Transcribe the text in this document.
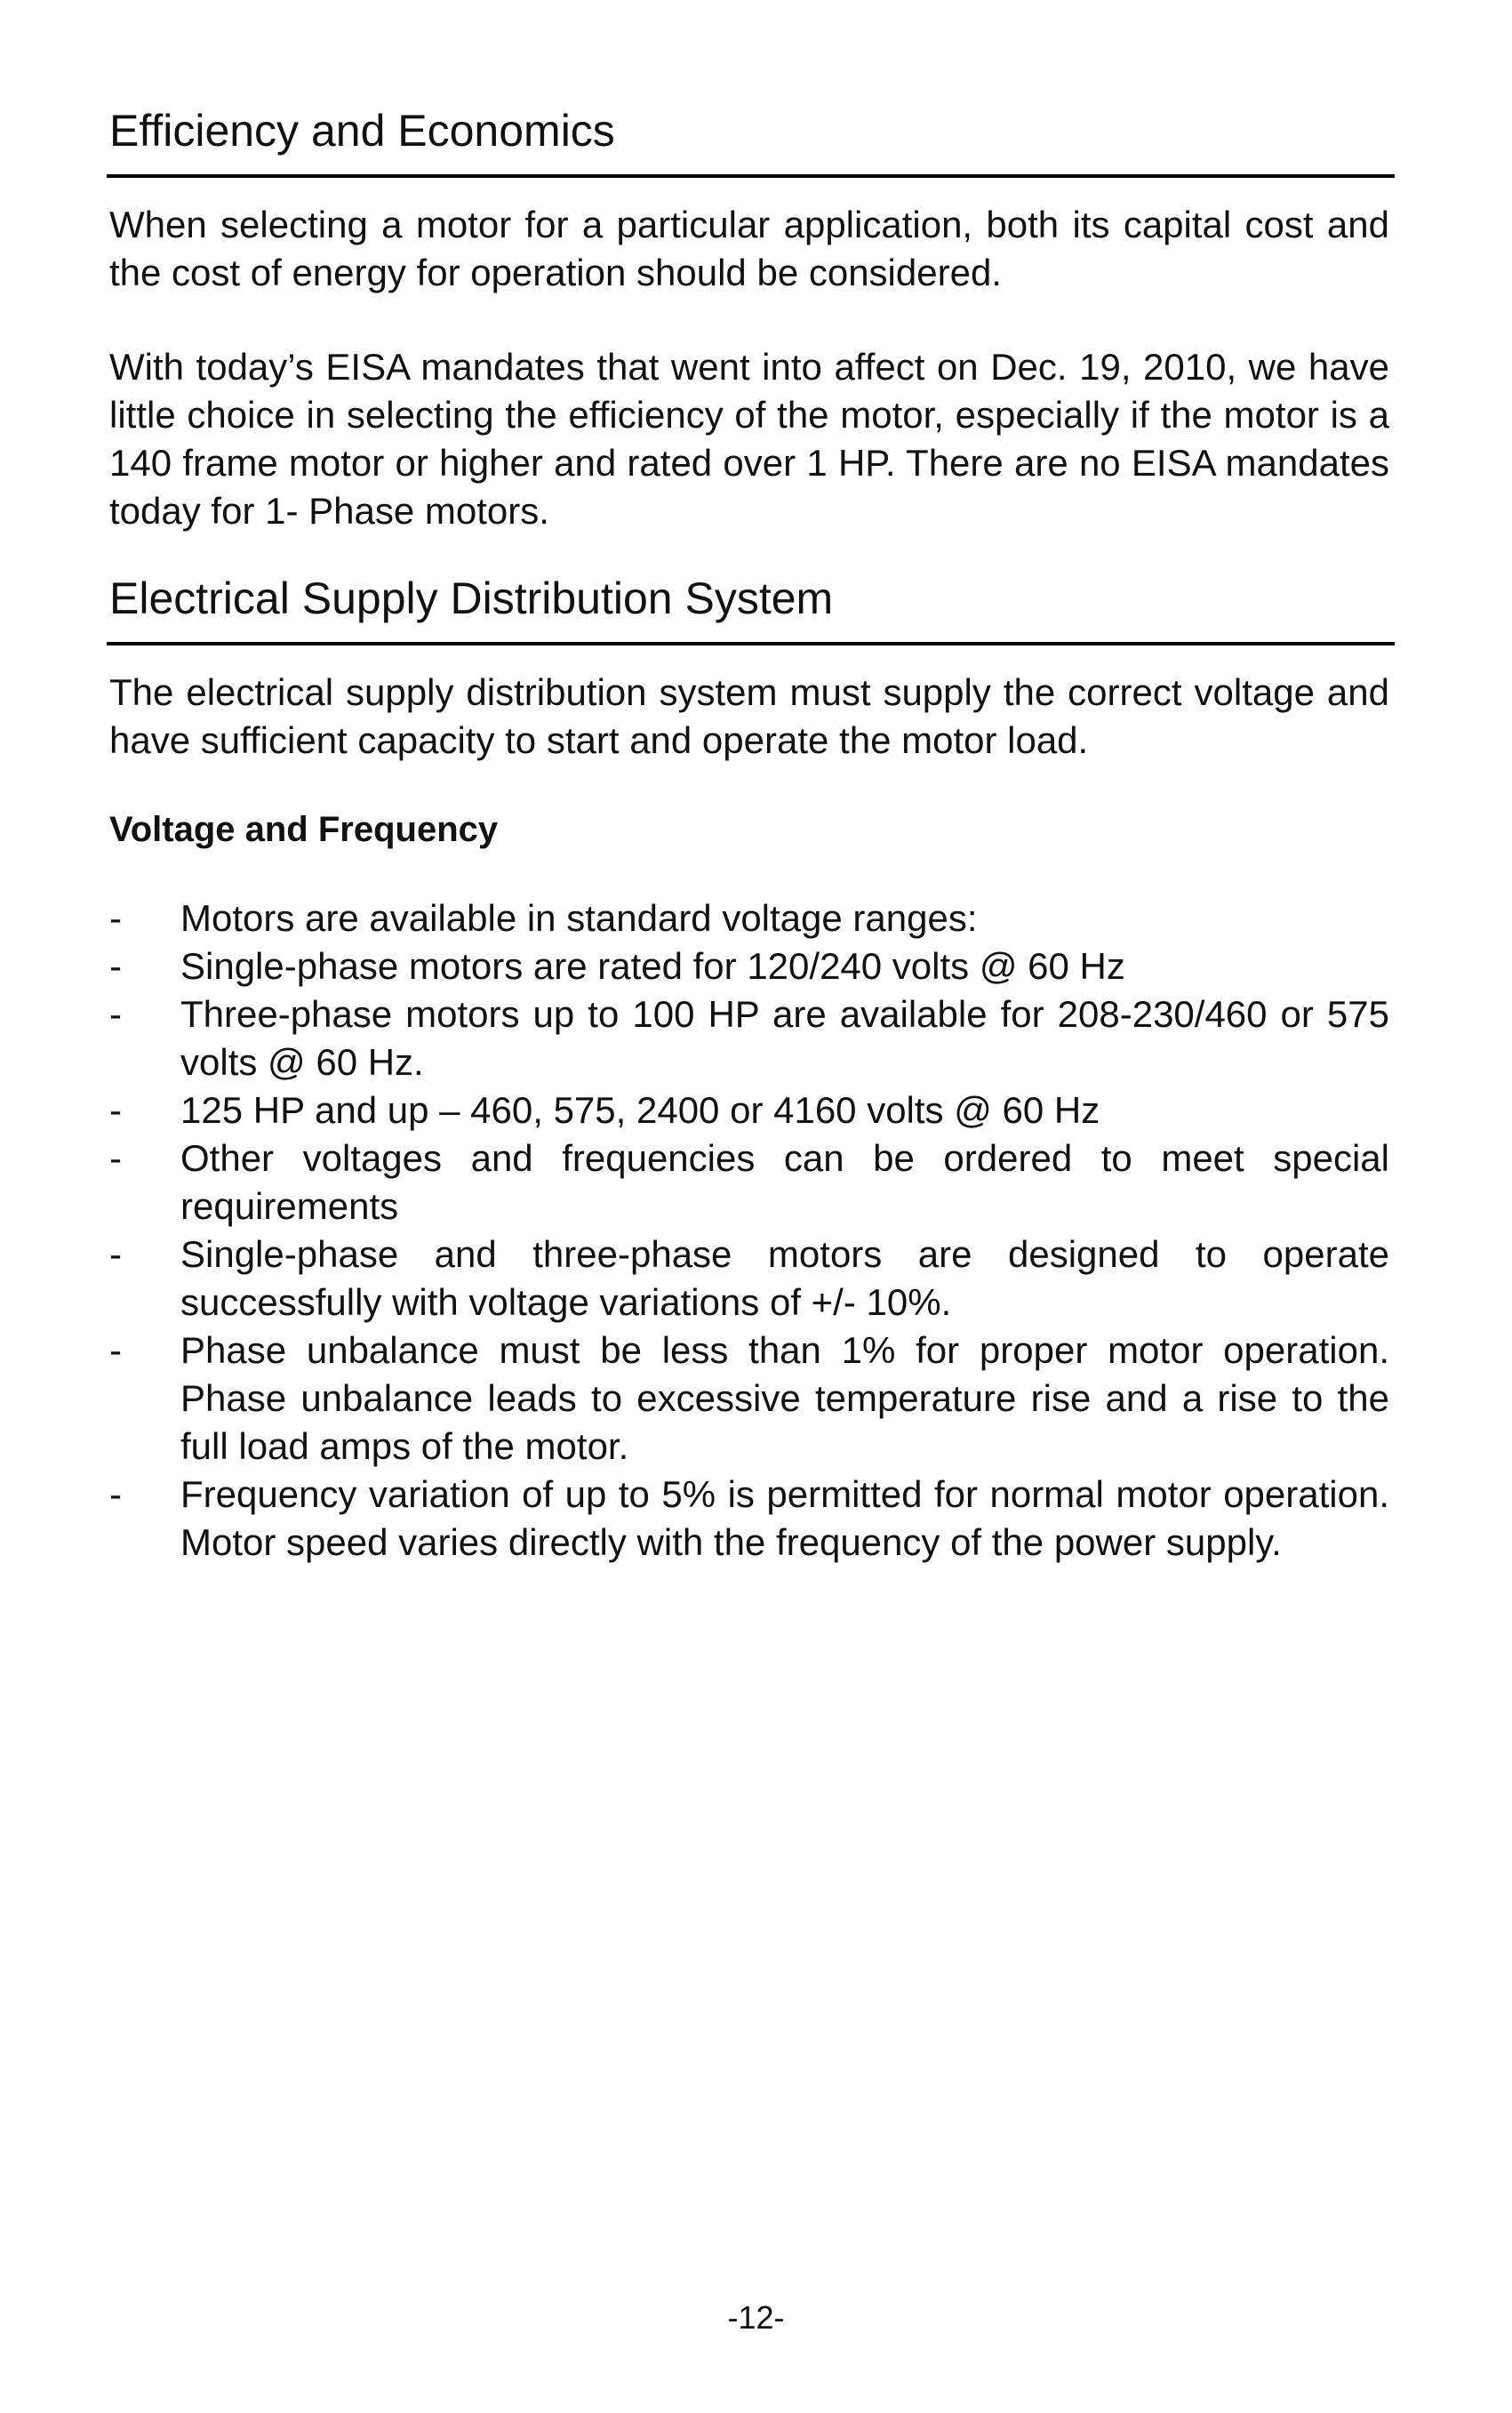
Efficiency and Economics

When selecting a motor for a particular application, both its capital cost and the cost of energy for operation should be considered.

With today’s EISA mandates that went into affect on Dec. 19, 2010, we have little choice in selecting the efficiency of the motor, especially if the motor is a 140 frame motor or higher and rated over 1 HP. There are no EISA mandates today for 1- Phase motors.

Electrical Supply Distribution System

The electrical supply distribution system must supply the correct voltage and have sufficient capacity to start and operate the motor load.

Voltage and Frequency
-	Motors are available in standard voltage ranges:
-	Single-phase motors are rated for 120/240 volts @ 60 Hz
-	Three-phase motors up to 100 HP are available for 208-230/460 or 575 volts @ 60 Hz.
-	125 HP and up – 460, 575, 2400 or 4160 volts @ 60 Hz
-	Other voltages and frequencies can be ordered to meet special requirements
-	Single-phase and three-phase motors are designed to operate successfully with voltage variations of +/- 10%.
-	Phase unbalance must be less than 1% for proper motor operation. Phase unbalance leads to excessive temperature rise and a rise to the full load amps of the motor.
-	Frequency variation of up to 5% is permitted for normal motor operation. Motor speed varies directly with the frequency of the power supply.
-12-
